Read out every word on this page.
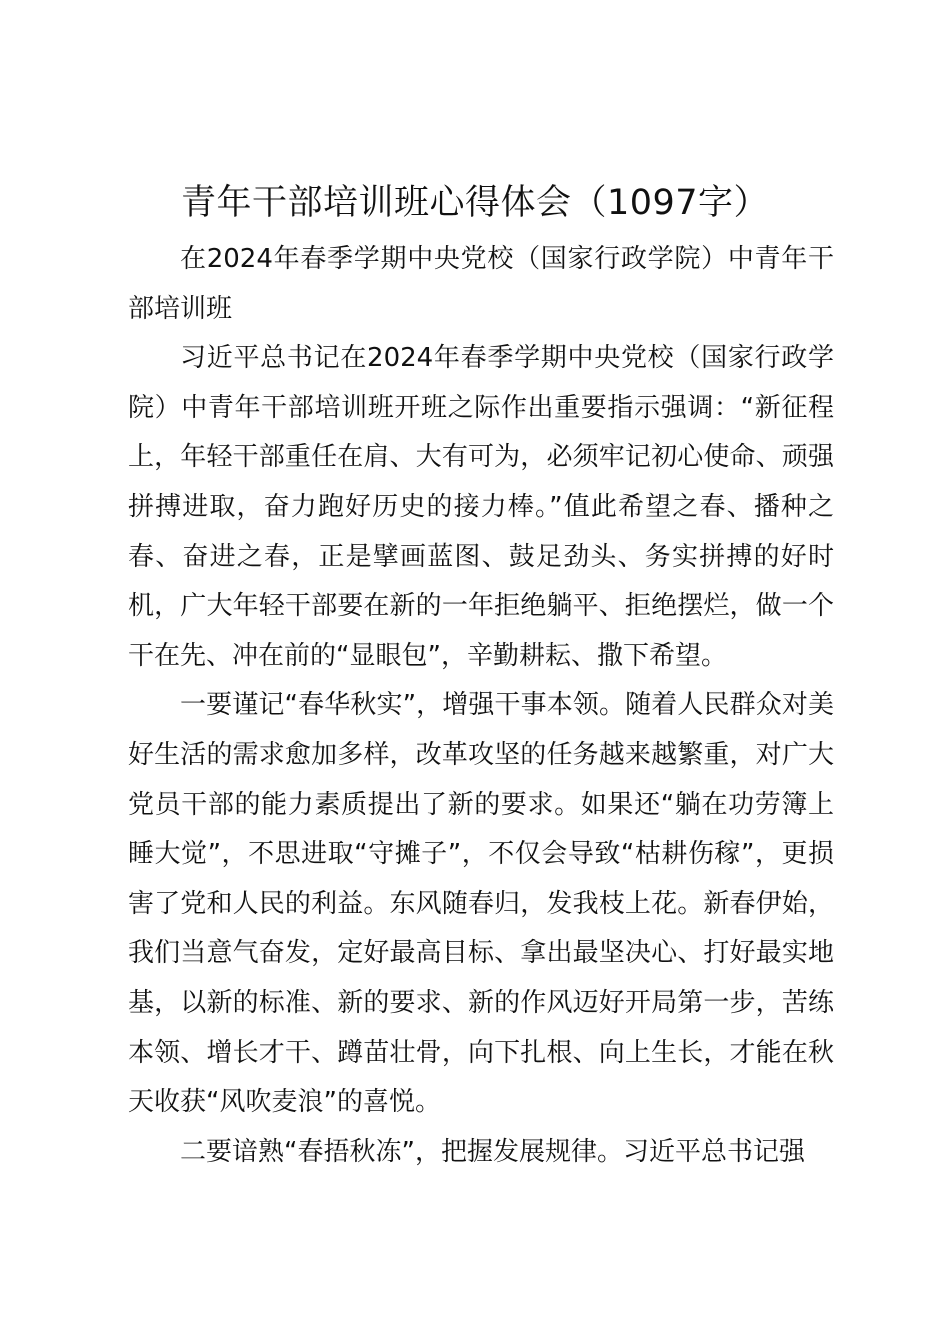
青年干部培训班心得体会（1097字）

在2024年春季学期中央党校（国家行政学院）中青年干部培训班

习近平总书记在2024年春季学期中央党校（国家行政学院）中青年干部培训班开班之际作出重要指示强调：“新征程上，年轻干部重任在肩、大有可为，必须牢记初心使命、顽强拼搏进取，奋力跑好历史的接力棒。”值此希望之春、播种之春、奋进之春，正是擘画蓝图、鼓足劲头、务实拼搏的好时机，广大年轻干部要在新的一年拒绝躺平、拒绝摆烂，做一个干在先、冲在前的“显眼包”，辛勤耕耘、撒下希望。

一要谨记“春华秋实”，增强干事本领。随着人民群众对美好生活的需求愈加多样，改革攻坚的任务越来越繁重，对广大党员干部的能力素质提出了新的要求。如果还“躺在功劳簿上睡大觉”，不思进取“守摊子”，不仅会导致“枯耕伤稼”，更损害了党和人民的利益。东风随春归，发我枝上花。新春伊始，我们当意气奋发，定好最高目标、拿出最坚决心、打好最实地基，以新的标准、新的要求、新的作风迈好开局第一步，苦练本领、增长才干、蹲苗壮骨，向下扎根、向上生长，才能在秋天收获“风吹麦浪”的喜悦。

二要谙熟“春捂秋冻”，把握发展规律。习近平总书记强
